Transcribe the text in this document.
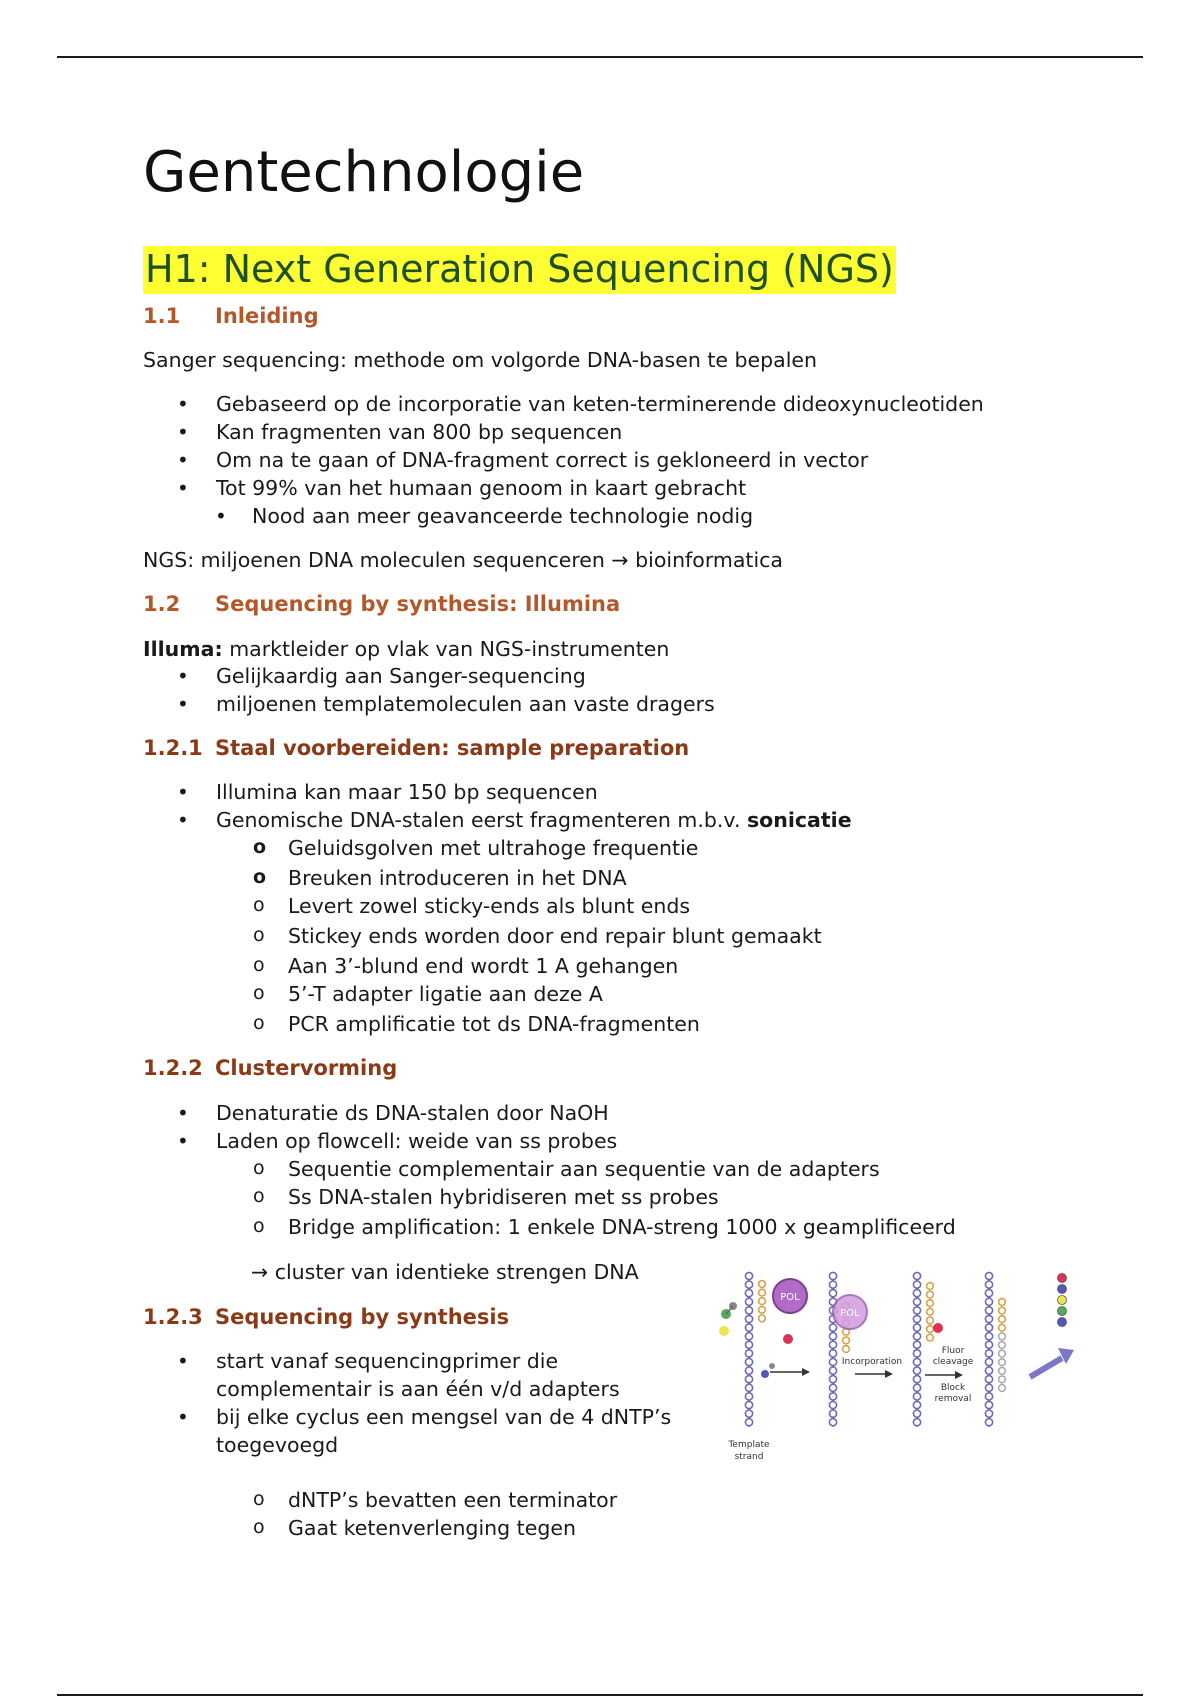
Gentechnologie
H1: Next Generation Sequencing (NGS)
1.1 Inleiding

Sanger sequencing: methode om volgorde DNA-basen te bepalen

• Gebaseerd op de incorporatie van keten-terminerende dideoxynucleotiden
• Kan fragmenten van 800 bp sequencen
• Om na te gaan of DNA-fragment correct is gekloneerd in vector
• Tot 99% van het humaan genoom in kaart gebracht
• Nood aan meer geavanceerde technologie nodig

NGS: miljoenen DNA moleculen sequenceren → bioinformatica

1.2 Sequencing by synthesis: Illumina

Illuma: marktleider op vlak van NGS-instrumenten

• Gelijkaardig aan Sanger-sequencing
• miljoenen templatemoleculen aan vaste dragers
1.2.1 Staal voorbereiden: sample preparation
• Illumina kan maar 150 bp sequencen
• Genomische DNA-stalen eerst fragmenteren m.b.v. sonicatie
o Geluidsgolven met ultrahoge frequentie
o Breuken introduceren in het DNA
o Levert zowel sticky-ends als blunt ends
o Stickey ends worden door end repair blunt gemaakt
o Aan 3’-blund end wordt 1 A gehangen
o 5’-T adapter ligatie aan deze A
o PCR amplificatie tot ds DNA-fragmenten
1.2.2 Clustervorming
• Denaturatie ds DNA-stalen door NaOH
• Laden op flowcell: weide van ss probes
o Sequentie complementair aan sequentie van de adapters
o Ss DNA-stalen hybridiseren met ss probes
o Bridge amplification: 1 enkele DNA-streng 1000 x geamplificeerd

→ cluster van identieke strengen DNA

1.2.3 Sequencing by synthesis
• start vanaf sequencingprimer die complementair is aan één v/d adapters
• bij elke cyclus een mengsel van de 4 dNTP’s toegevoegd
o dNTP’s bevatten een terminator
o Gaat ketenverlenging tegen
POL
POL
Incorporation
Fluor
cleavage
Block
removal
Template
strand
